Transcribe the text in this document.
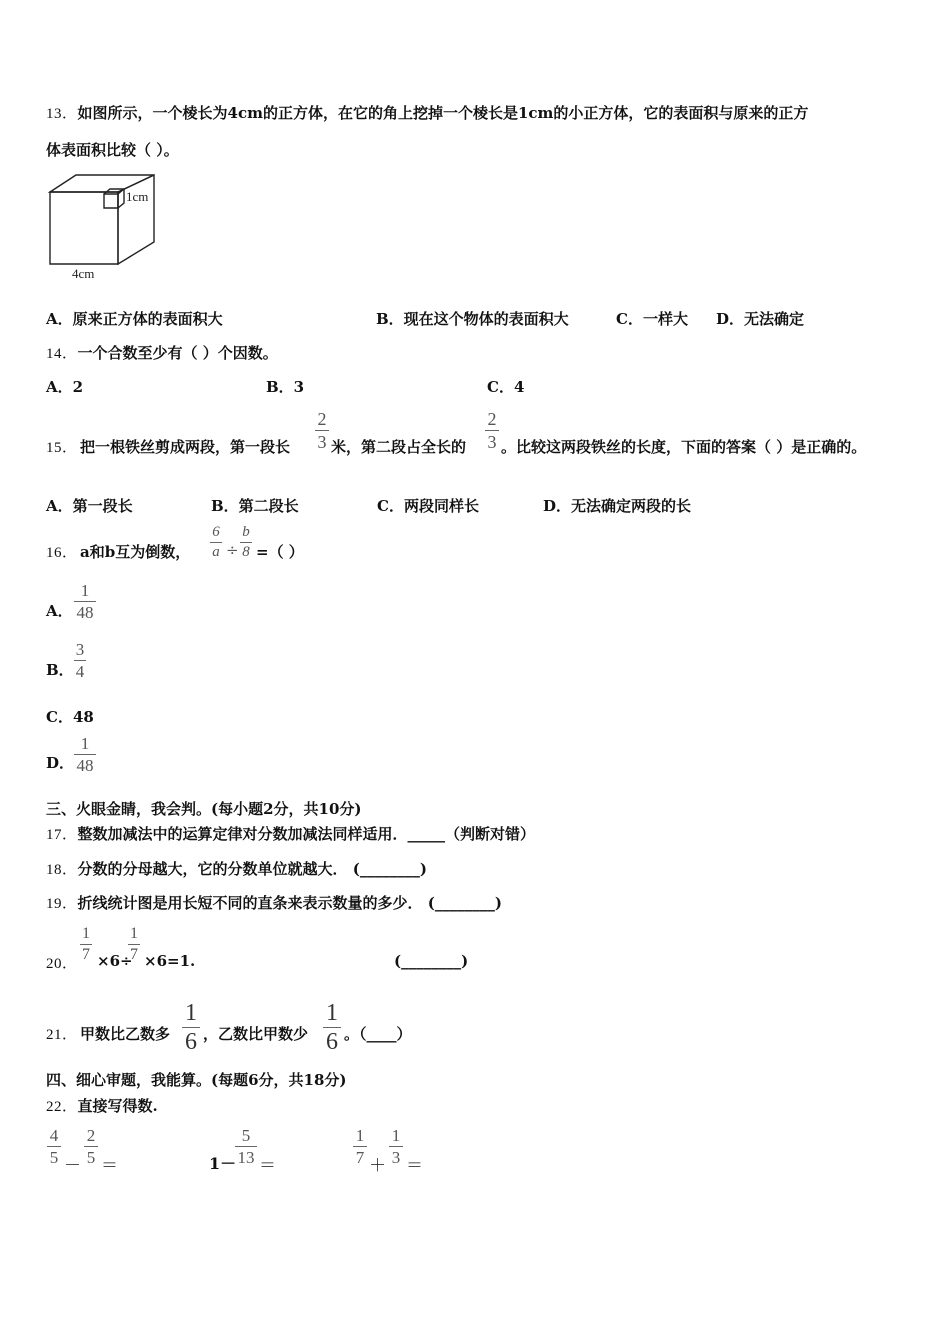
13．如图所示，一个棱长为4cm的正方体，在它的角上挖掉一个棱长是1cm的小正方体，它的表面积与原来的正方
体表面积比较（ ）。
1cm
4cm
A．原来正方体的表面积大	B．现在这个物体的表面积大	C．一样大 D．无法确定
14．一个合数至少有（ ）个因数。
A．2	B．3	C．4
15． 把一根铁丝剪成两段，第一段长
2
3 米，第二段占全长的
2
3 。比较这两段铁丝的长度，下面的答案（ ）是正确的。
A．第一段长	B．第二段长	C．两段同样长	D．无法确定两段的长
16． a和b互为倒数，
6
a ÷
b
8 =（ ）
A．
1
48
B．
3
4
C．48
D．
1
48
三、火眼金睛，我会判。(每小题2分，共10分)
17．整数加减法中的运算定律对分数加减法同样适用．_____（判断对错）
18．分数的分母越大，它的分数单位就越大． (________)
19．折线统计图是用长短不同的直条来表示数量的多少． (________)
20．
1
7 ×6÷
1
7 ×6=1.	(________)
21． 甲数比乙数多
1
6 ，乙数比甲数少
1
6 。（____）
四、细心审题，我能算。(每题6分，共18分)
22．直接写得数.
4
5 －
2
5 ＝	1－
5
13 ＝
1
7 ＋
1
3 ＝
